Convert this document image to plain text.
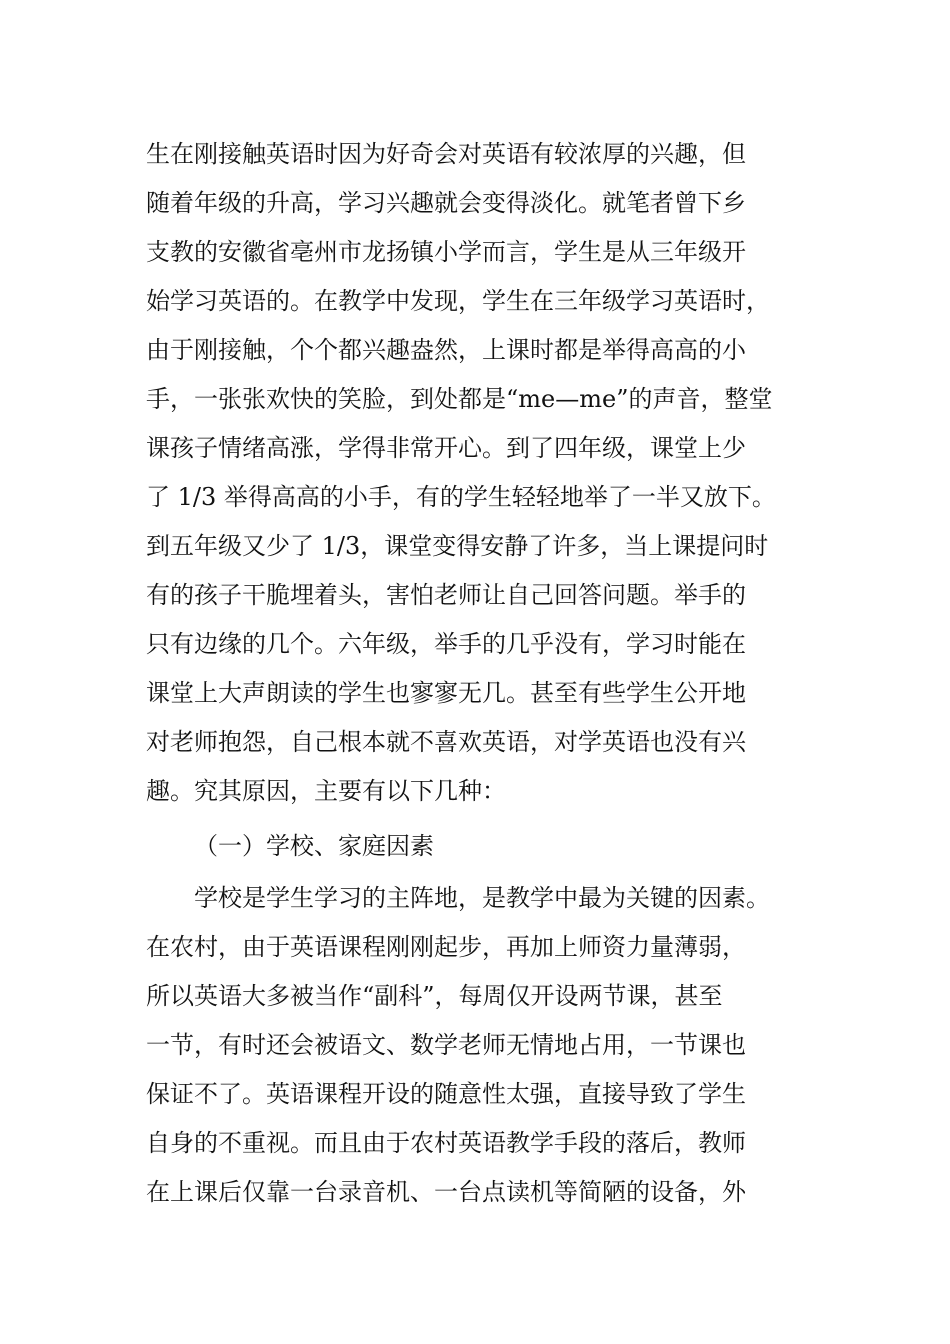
生在刚接触英语时因为好奇会对英语有较浓厚的兴趣，但
随着年级的升高，学习兴趣就会变得淡化。就笔者曾下乡
支教的安徽省亳州市龙扬镇小学而言，学生是从三年级开
始学习英语的。在教学中发现，学生在三年级学习英语时，
由于刚接触，个个都兴趣盎然，上课时都是举得高高的小
手，一张张欢快的笑脸，到处都是“me—me”的声音，整堂
课孩子情绪高涨，学得非常开心。到了四年级，课堂上少
了 1/3 举得高高的小手，有的学生轻轻地举了一半又放下。
到五年级又少了 1/3，课堂变得安静了许多，当上课提问时
有的孩子干脆埋着头，害怕老师让自己回答问题。举手的
只有边缘的几个。六年级，举手的几乎没有，学习时能在
课堂上大声朗读的学生也寥寥无几。甚至有些学生公开地
对老师抱怨，自己根本就不喜欢英语，对学英语也没有兴
趣。究其原因，主要有以下几种：
（一）学校、家庭因素
学校是学生学习的主阵地，是教学中最为关键的因素。
在农村，由于英语课程刚刚起步，再加上师资力量薄弱，
所以英语大多被当作“副科”，每周仅开设两节课，甚至
一节，有时还会被语文、数学老师无情地占用，一节课也
保证不了。英语课程开设的随意性太强，直接导致了学生
自身的不重视。而且由于农村英语教学手段的落后，教师
在上课后仅靠一台录音机、一台点读机等简陋的设备，外
